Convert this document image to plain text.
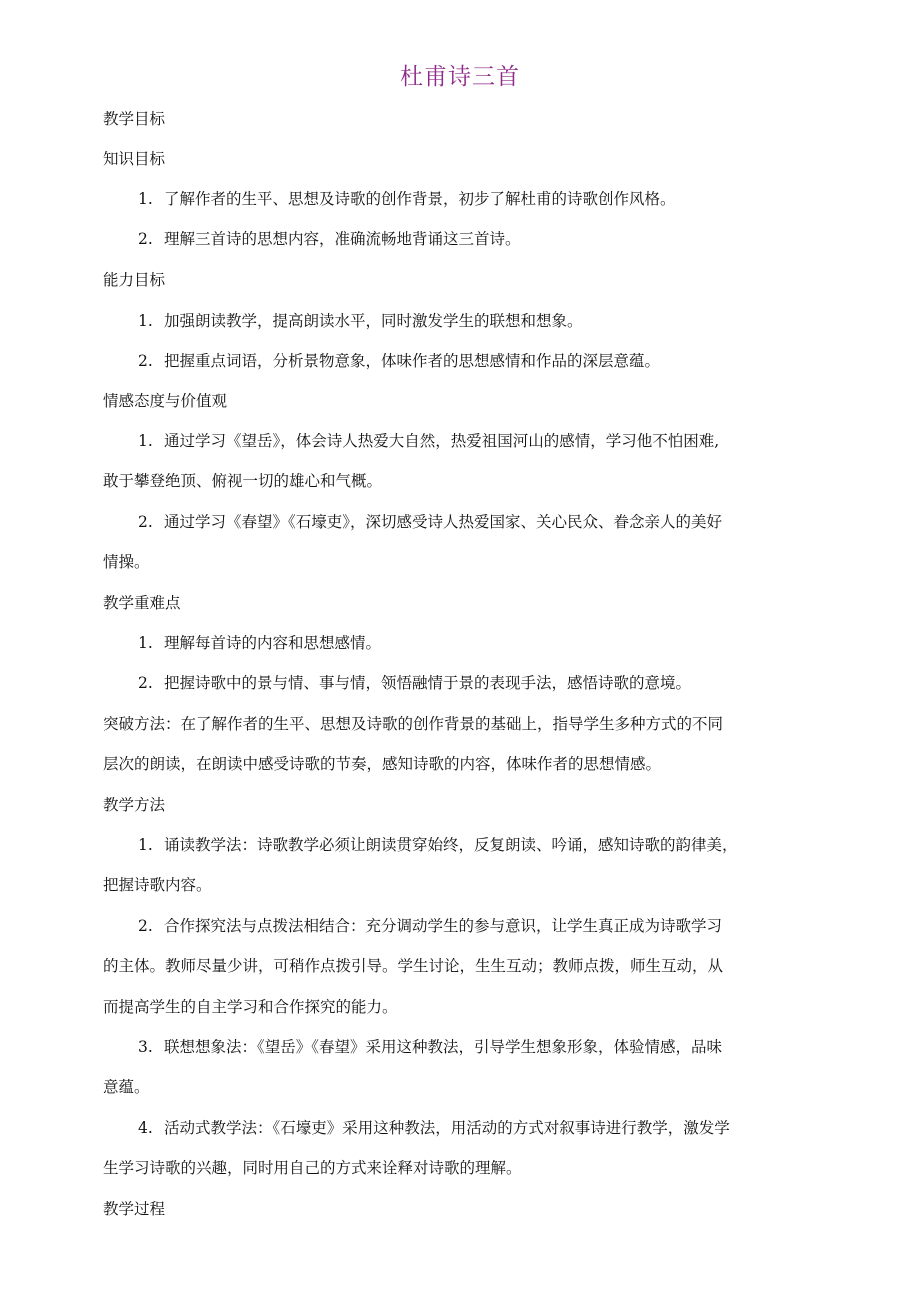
杜甫诗三首
教学目标
知识目标
1. 了解作者的生平、思想及诗歌的创作背景，初步了解杜甫的诗歌创作风格。
2. 理解三首诗的思想内容，准确流畅地背诵这三首诗。
能力目标
1. 加强朗读教学，提高朗读水平，同时激发学生的联想和想象。
2. 把握重点词语，分析景物意象，体味作者的思想感情和作品的深层意蕴。
情感态度与价值观
1. 通过学习《望岳》，体会诗人热爱大自然，热爱祖国河山的感情，学习他不怕困难,
敢于攀登绝顶、俯视一切的雄心和气概。
2. 通过学习《春望》《石壕吏》，深切感受诗人热爱国家、关心民众、眷念亲人的美好
情操。
教学重难点
1. 理解每首诗的内容和思想感情。
2. 把握诗歌中的景与情、事与情，领悟融情于景的表现手法，感悟诗歌的意境。
突破方法：在了解作者的生平、思想及诗歌的创作背景的基础上，指导学生多种方式的不同
层次的朗读，在朗读中感受诗歌的节奏，感知诗歌的内容，体味作者的思想情感。
教学方法
1. 诵读教学法：诗歌教学必须让朗读贯穿始终，反复朗读、吟诵，感知诗歌的韵律美，
把握诗歌内容。
2. 合作探究法与点拨法相结合：充分调动学生的参与意识，让学生真正成为诗歌学习
的主体。教师尽量少讲，可稍作点拨引导。学生讨论，生生互动；教师点拨，师生互动，从
而提高学生的自主学习和合作探究的能力。
3. 联想想象法：《望岳》《春望》采用这种教法，引导学生想象形象，体验情感，品味
意蕴。
4. 活动式教学法：《石壕吏》采用这种教法，用活动的方式对叙事诗进行教学，激发学
生学习诗歌的兴趣，同时用自己的方式来诠释对诗歌的理解。
教学过程
